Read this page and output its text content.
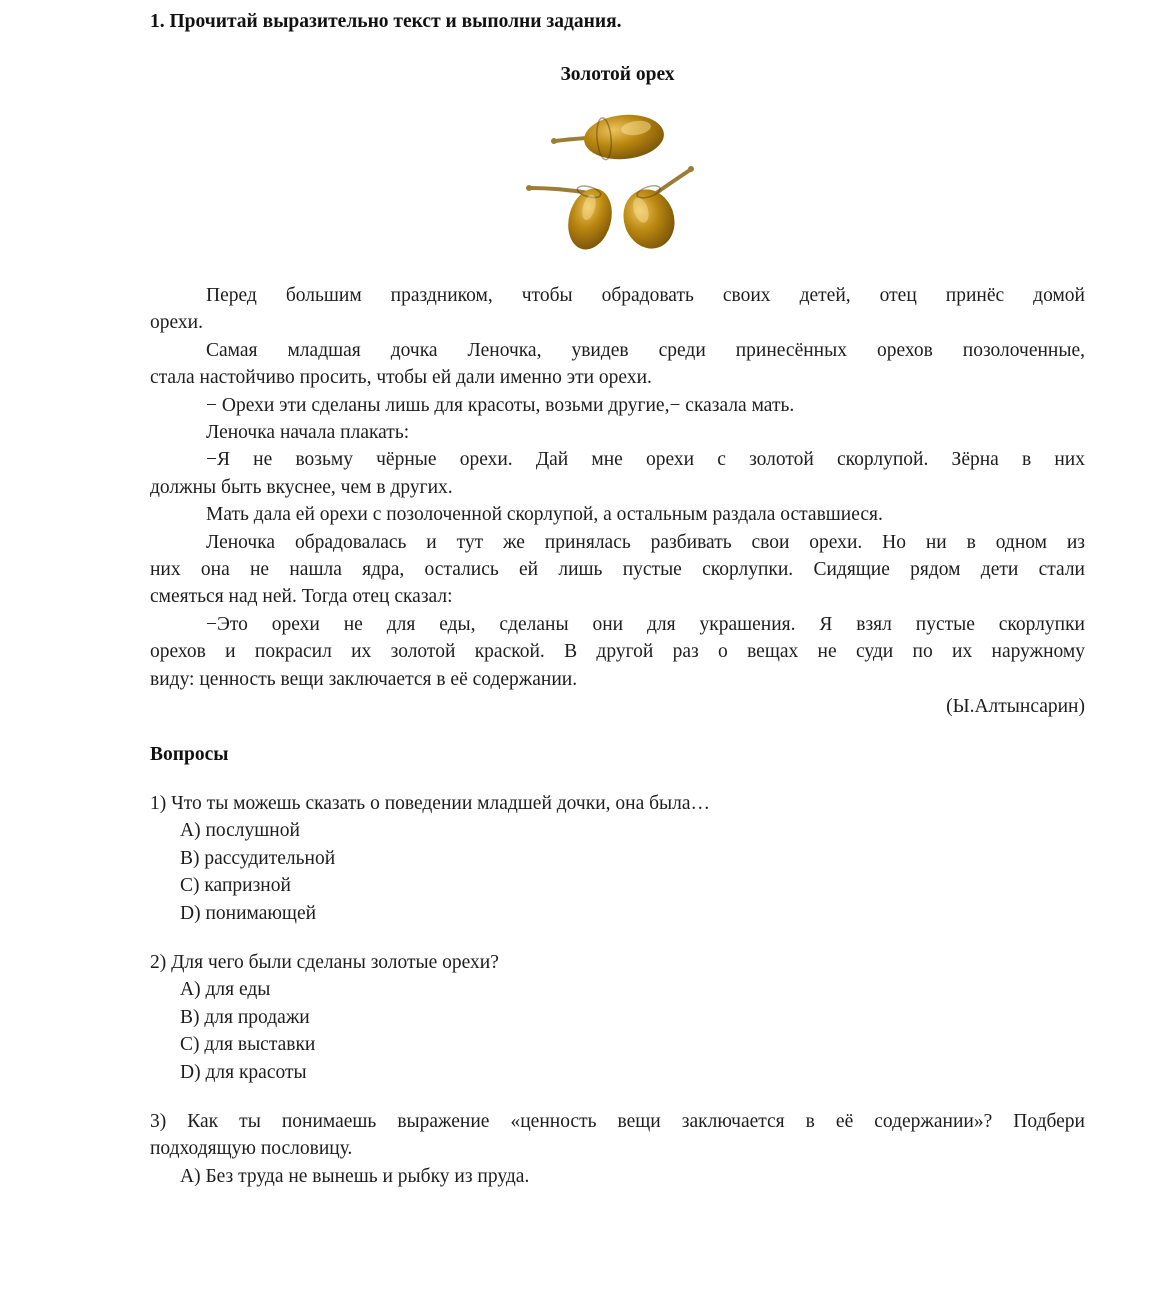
1. Прочитай выразительно текст и выполни задания.

Золотой орех

Перед большим праздником, чтобы обрадовать своих детей, отец принёс домой
орехи.

Самая младшая дочка Леночка, увидев среди принесённых орехов позолоченные,
стала настойчиво просить, чтобы ей дали именно эти орехи.

− Орехи эти сделаны лишь для красоты, возьми другие,− сказала мать.

Леночка начала плакать:

−Я не возьму чёрные орехи. Дай мне орехи с золотой скорлупой. Зёрна в них
должны быть вкуснее, чем в других.

Мать дала ей орехи с позолоченной скорлупой, а остальным раздала оставшиеся.

Леночка обрадовалась и тут же принялась разбивать свои орехи. Но ни в одном из
них она не нашла ядра, остались ей лишь пустые скорлупки. Сидящие рядом дети стали
смеяться над ней. Тогда отец сказал:

−Это орехи не для еды, сделаны они для украшения. Я взял пустые скорлупки
орехов и покрасил их золотой краской. В другой раз о вещах не суди по их наружному
виду: ценность вещи заключается в её содержании.

(Ы.Алтынсарин)

Вопросы

1) Что ты можешь сказать о поведении младшей дочки, она была…
А) послушной
В) рассудительной
С) капризной
D) понимающей
2) Для чего были сделаны золотые орехи?
А) для еды
В) для продажи
С) для выставки
D) для красоты
3) Как ты понимаешь выражение «ценность вещи заключается в её содержании»? Подбери
подходящую пословицу.
А) Без труда не вынешь и рыбку из пруда.
